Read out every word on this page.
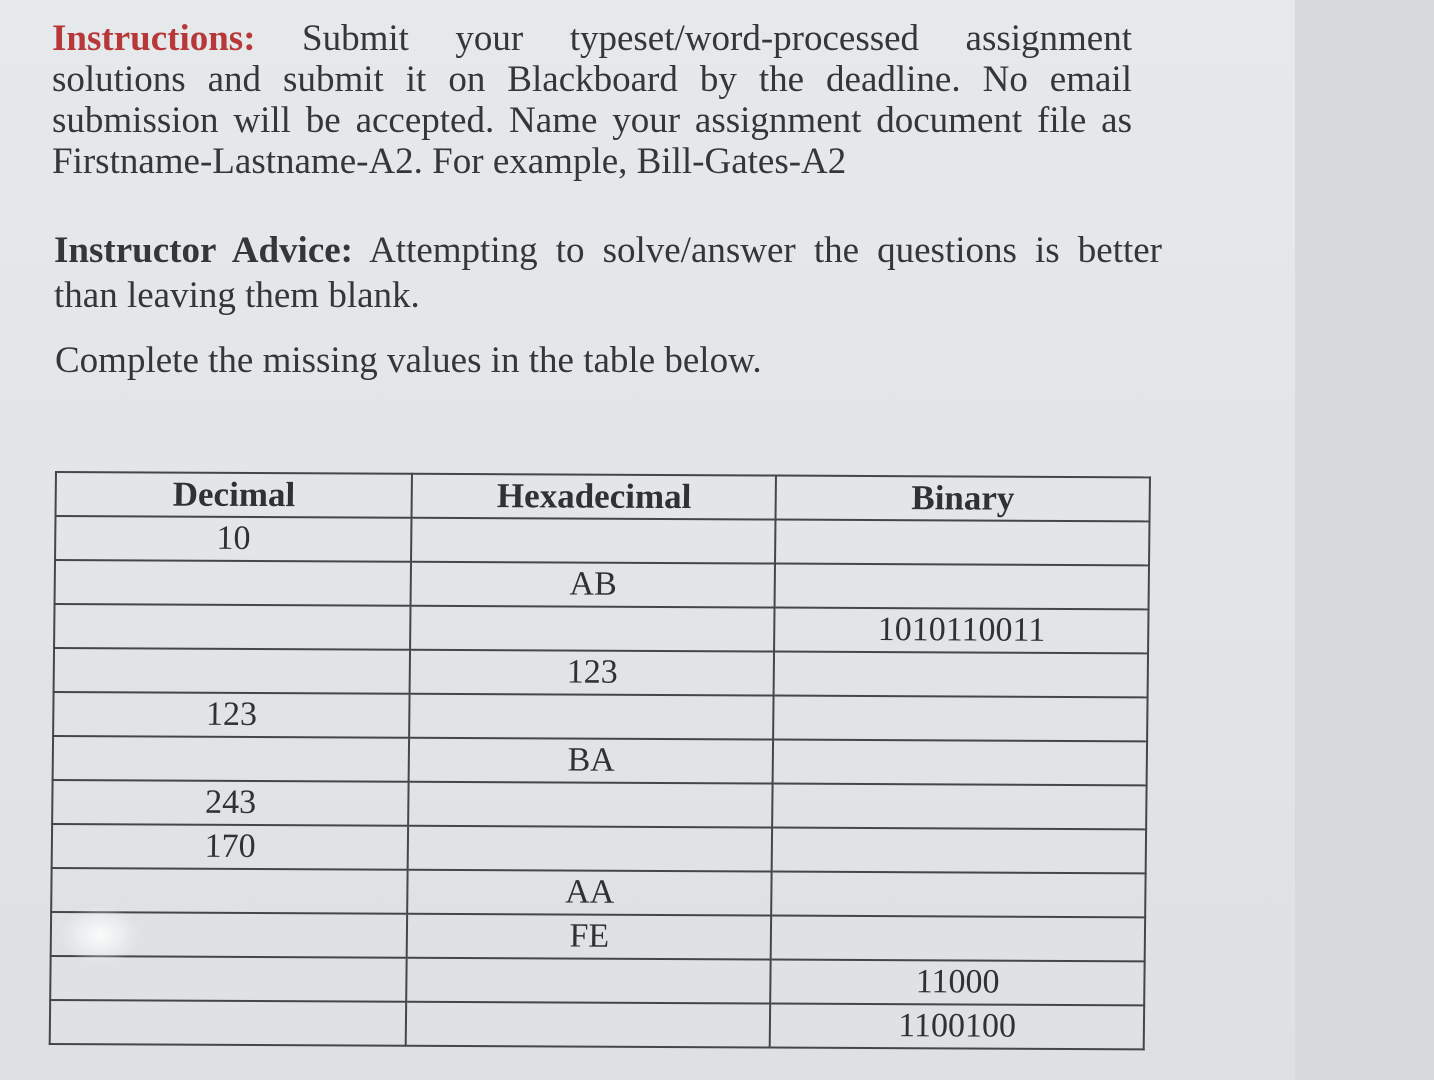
Instructions: Submit your typeset/word-processed assignment
solutions and submit it on Blackboard by the deadline. No email
submission will be accepted. Name your assignment document file as
Firstname-Lastname-A2. For example, Bill-Gates-A2
Instructor Advice: Attempting to solve/answer the questions is better
than leaving them blank.
Complete the missing values in the table below.
Decimal	Hexadecimal	Binary
10		
	AB	
		1010110011
	123	
123		
	BA	
243		
170		
	AA	
	FE	
		11000
		1100100
